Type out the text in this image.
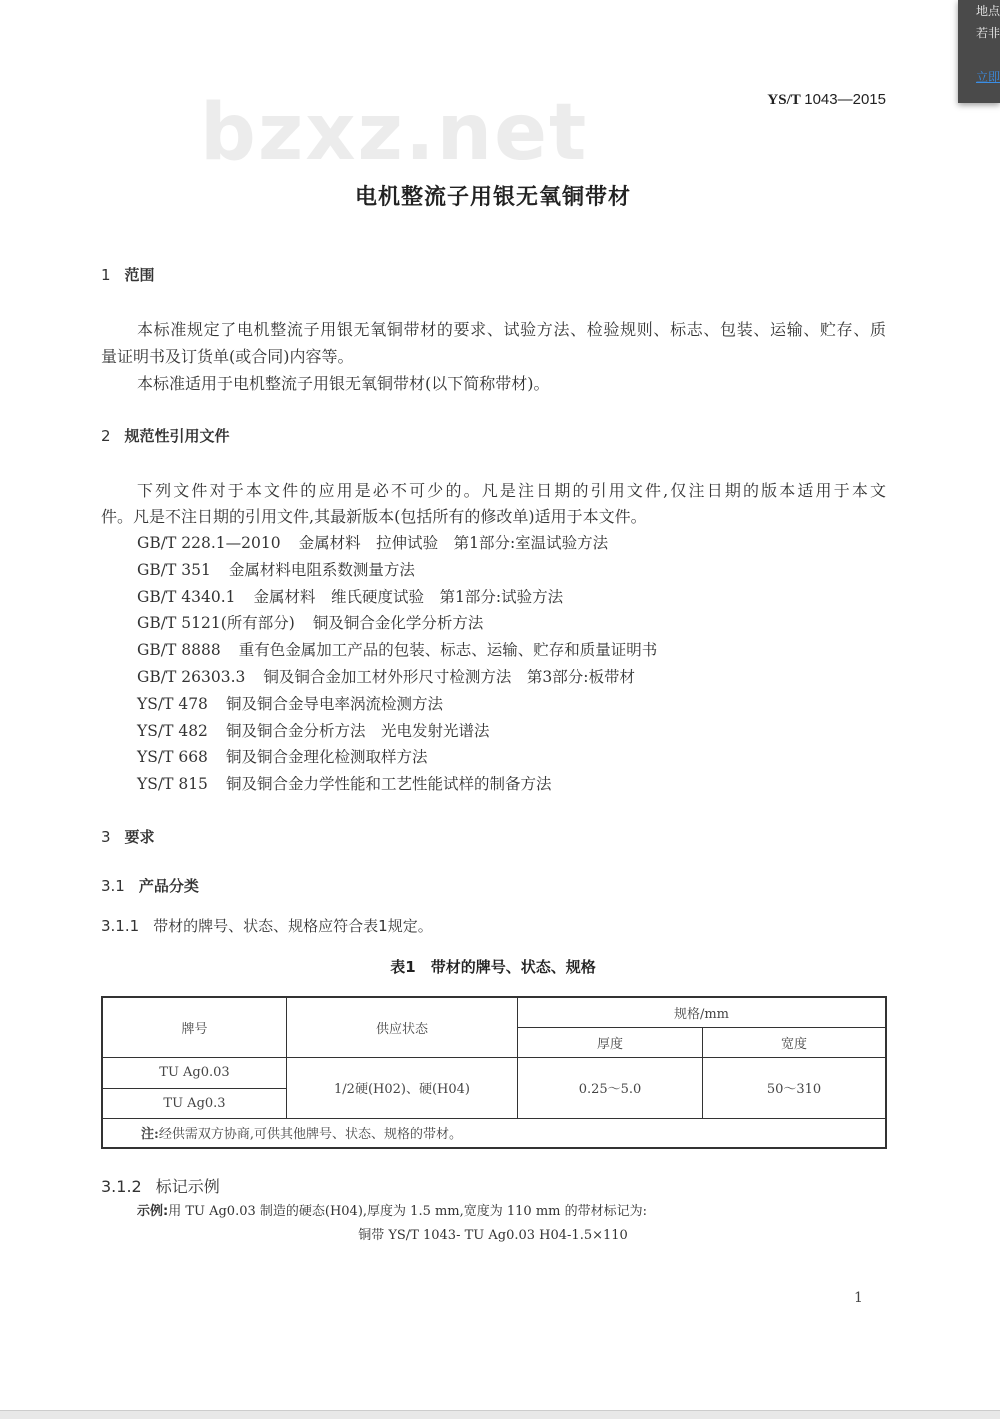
bzxz.net	YS/T 1043—2015
电机整流子用银无氧铜带材
1 范围
本标准规定了电机整流子用银无氧铜带材的要求、试验方法、检验规则、标志、包装、运输、贮存、质
量证明书及订货单(或合同)内容等。
本标准适用于电机整流子用银无氧铜带材(以下简称带材)。
2 规范性引用文件
下列文件对于本文件的应用是必不可少的。凡是注日期的引用文件,仅注日期的版本适用于本文
件。凡是不注日期的引用文件,其最新版本(包括所有的修改单)适用于本文件。
GB/T 228.1—2010 金属材料　拉伸试验　第1部分:室温试验方法
GB/T 351 金属材料电阻系数测量方法
GB/T 4340.1 金属材料　维氏硬度试验　第1部分:试验方法
GB/T 5121(所有部分) 铜及铜合金化学分析方法
GB/T 8888 重有色金属加工产品的包装、标志、运输、贮存和质量证明书
GB/T 26303.3 铜及铜合金加工材外形尺寸检测方法　第3部分:板带材
YS/T 478 铜及铜合金导电率涡流检测方法
YS/T 482 铜及铜合金分析方法　光电发射光谱法
YS/T 668 铜及铜合金理化检测取样方法
YS/T 815 铜及铜合金力学性能和工艺性能试样的制备方法
3 要求
3.1 产品分类
3.1.1 带材的牌号、状态、规格应符合表1规定。
表1　带材的牌号、状态、规格
牌号	供应状态	规格/mm	
		厚度	宽度
TU Ag0.03	1/2硬(H02)、硬(H04)	0.25～5.0	50～310
TU Ag0.3			
注:经供需双方协商,可供其他牌号、状态、规格的带材。			
3.1.2 标记示例
示例:用 TU Ag0.03 制造的硬态(H04),厚度为 1.5 mm,宽度为 110 mm 的带材标记为:
铜带 YS/T 1043- TU Ag0.03 H04-1.5×110
1
地点
若非
立即
